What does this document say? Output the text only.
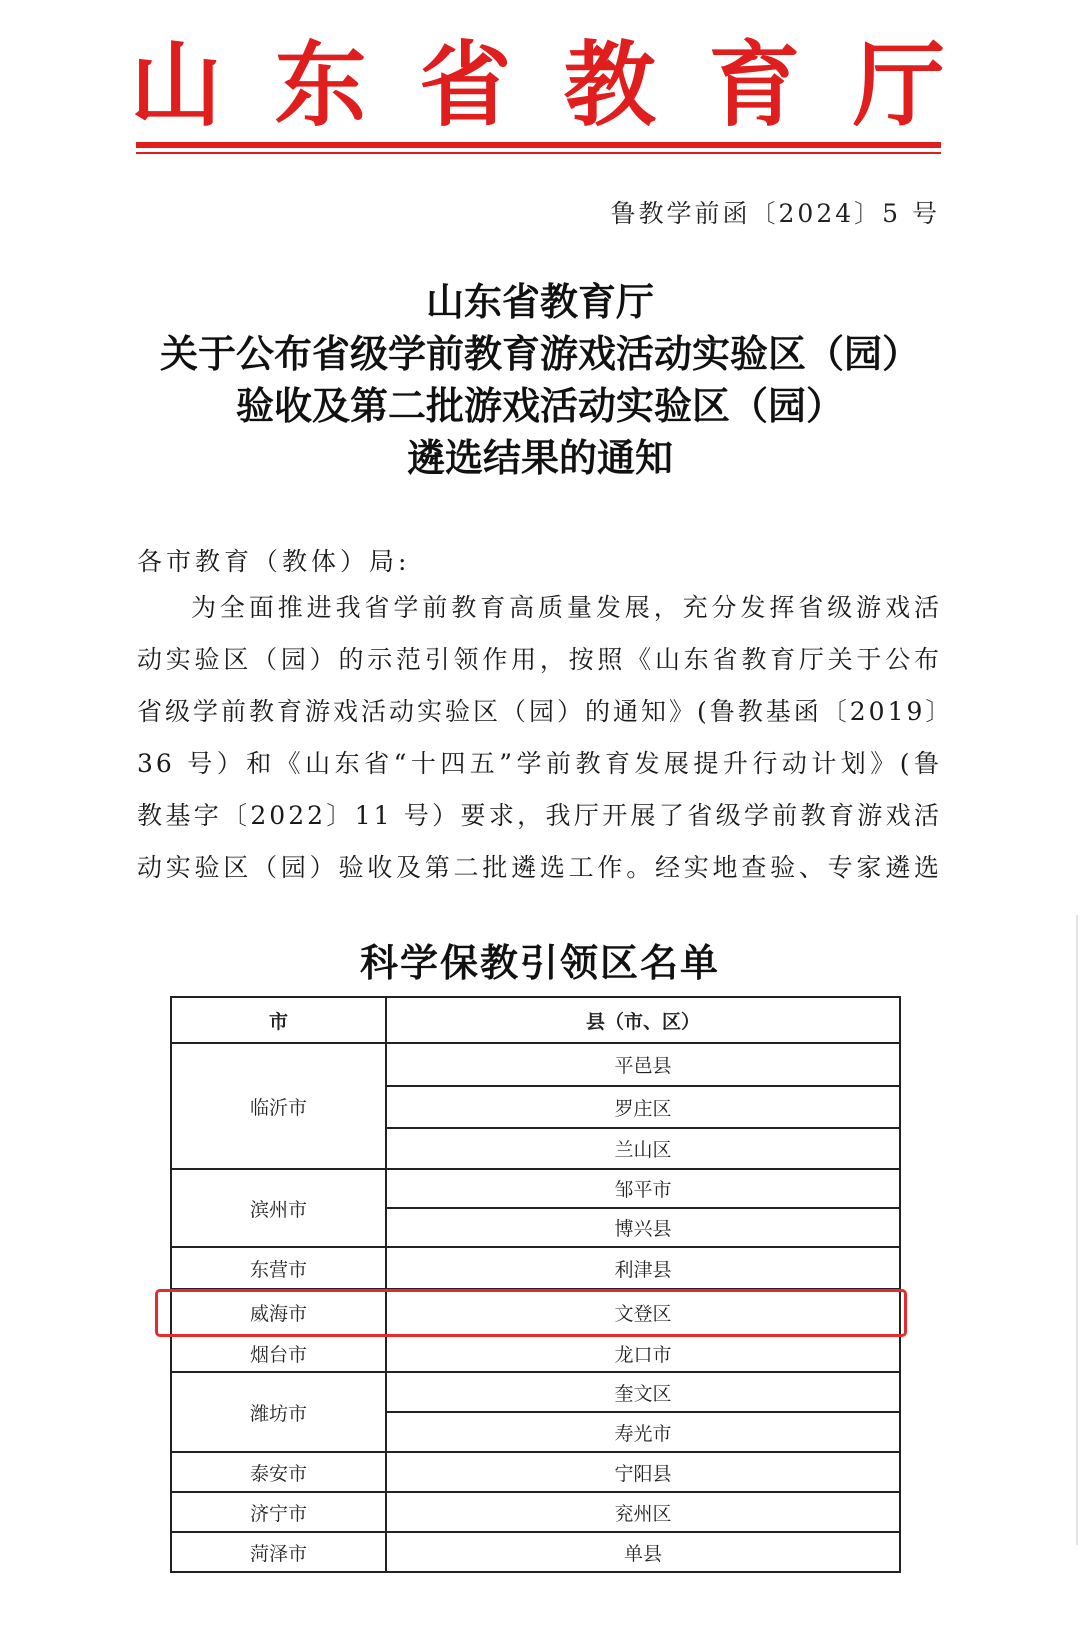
山 东 省 教 育 厅
鲁教学前函〔2024〕5 号
山东省教育厅
关于公布省级学前教育游戏活动实验区（园）
验收及第二批游戏活动实验区（园）
遴选结果的通知
各市教育（教体）局:
为全面推进我省学前教育高质量发展，充分发挥省级游戏活
动实验区（园）的示范引领作用，按照《山东省教育厅关于公布
省级学前教育游戏活动实验区（园）的通知》(鲁教基函〔2019〕
36 号）和《山东省“十四五”学前教育发展提升行动计划》(鲁
教基字〔2022〕11 号）要求，我厅开展了省级学前教育游戏活
动实验区（园）验收及第二批遴选工作。经实地查验、专家遴选
科学保教引领区名单
市	县（市、区）
临沂市	平邑县
	罗庄区
	兰山区
滨州市	邹平市
	博兴县
东营市	利津县
威海市	文登区
烟台市	龙口市
潍坊市	奎文区
	寿光市
泰安市	宁阳县
济宁市	兖州区
菏泽市	单县
